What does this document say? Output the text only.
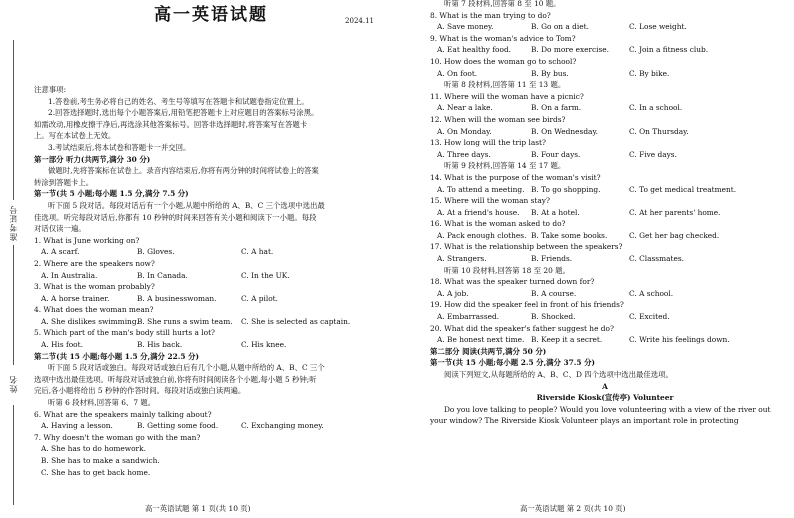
准考证号
姓名
高一英语试题	2024.11

注意事项:

1.答卷前,考生务必将自己的姓名、考生号等填写在答题卡和试题卷指定位置上。

2.回答选择题时,选出每个小题答案后,用铅笔把答题卡上对应题目的答案标号涂黑。

如需改动,用橡皮擦干净后,再选涂其他答案标号。回答非选择题时,将答案写在答题卡

上。写在本试卷上无效。

3.考试结束后,将本试卷和答题卡一并交回。

第一部分 听力(共两节,满分 30 分)

做题时,先将答案标在试卷上。录音内容结束后,你将有两分钟的时间将试卷上的答案

转涂到答题卡上。

第一节(共 5 小题;每小题 1.5 分,满分 7.5 分)

听下面 5 段对话。每段对话后有一个小题,从题中所给的 A、B、C 三个选项中选出最

佳选项。听完每段对话后,你都有 10 秒钟的时间来回答有关小题和阅读下一小题。每段

对话仅读一遍。

1. What is June working on?

A. A scarf.	B. Gloves.	C. A hat.

2. Where are the speakers now?

A. In Australia.	B. In Canada.	C. In the UK.

3. What is the woman probably?

A. A horse trainer.	B. A businesswoman.	C. A pilot.

4. What does the woman mean?

A. She dislikes swimming.
B. She runs a swim team.	C. She is selected as captain.

5. Which part of the man's body still hurts a lot?

A. His foot.	B. His back.	C. His knee.

第二节(共 15 小题;每小题 1.5 分,满分 22.5 分)

听下面 5 段对话或独白。每段对话或独白后有几个小题,从题中所给的 A、B、C 三个

选项中选出最佳选项。听每段对话或独白前,你将有时间阅读各个小题,每小题 5 秒钟;听

完后,各小题将给出 5 秒钟的作答时间。每段对话或独白读两遍。

听第 6 段材料,回答第 6、7 题。

6. What are the speakers mainly talking about?

A. Having a lesson.	B. Getting some food.	C. Exchanging money.

7. Why doesn't the woman go with the man?

A. She has to do homework.

B. She has to make a sandwich.

C. She has to get back home.

听第 7 段材料,回答第 8 至 10 题。

8. What is the man trying to do?

A. Save money.	B. Go on a diet.	C. Lose weight.

9. What is the woman's advice to Tom?

A. Eat healthy food.	B. Do more exercise.	C. Join a fitness club.

10. How does the woman go to school?

A. On foot.	B. By bus.	C. By bike.

听第 8 段材料,回答第 11 至 13 题。

11. Where will the woman have a picnic?

A. Near a lake.	B. On a farm.	C. In a school.

12. When will the woman see birds?

A. On Monday.	B. On Wednesday.	C. On Thursday.

13. How long will the trip last?

A. Three days.	B. Four days.	C. Five days.

听第 9 段材料,回答第 14 至 17 题。

14. What is the purpose of the woman's visit?

A. To attend a meeting. B. To go shopping.	C. To get medical treatment.

15. Where will the woman stay?

A. At a friend's house.	B. At a hotel.	C. At her parents' home.

16. What is the woman asked to do?

A. Pack enough clothes. B. Take some books.	C. Get her bag checked.

17. What is the relationship between the speakers?

A. Strangers.	B. Friends.	C. Classmates.

听第 10 段材料,回答第 18 至 20 题。

18. What was the speaker turned down for?

A. A job.	B. A course.	C. A school.

19. How did the speaker feel in front of his friends?

A. Embarrassed.	B. Shocked.	C. Excited.

20. What did the speaker's father suggest he do?

A. Be honest next time. B. Keep it a secret.	C. Write his feelings down.

第二部分 阅读(共两节,满分 50 分)

第一节(共 15 小题;每小题 2.5 分,满分 37.5 分)

阅读下列短文,从每题所给的 A、B、C、D 四个选项中选出最佳选项。

A

Riverside Kiosk(宣传亭) Volunteer

Do you love talking to people? Would you love volunteering with a view of the river out your window? The Riverside Kiosk Volunteer plays an important role in protecting

高一英语试题 第 1 页(共 10 页)	高一英语试题 第 2 页(共 10 页)
